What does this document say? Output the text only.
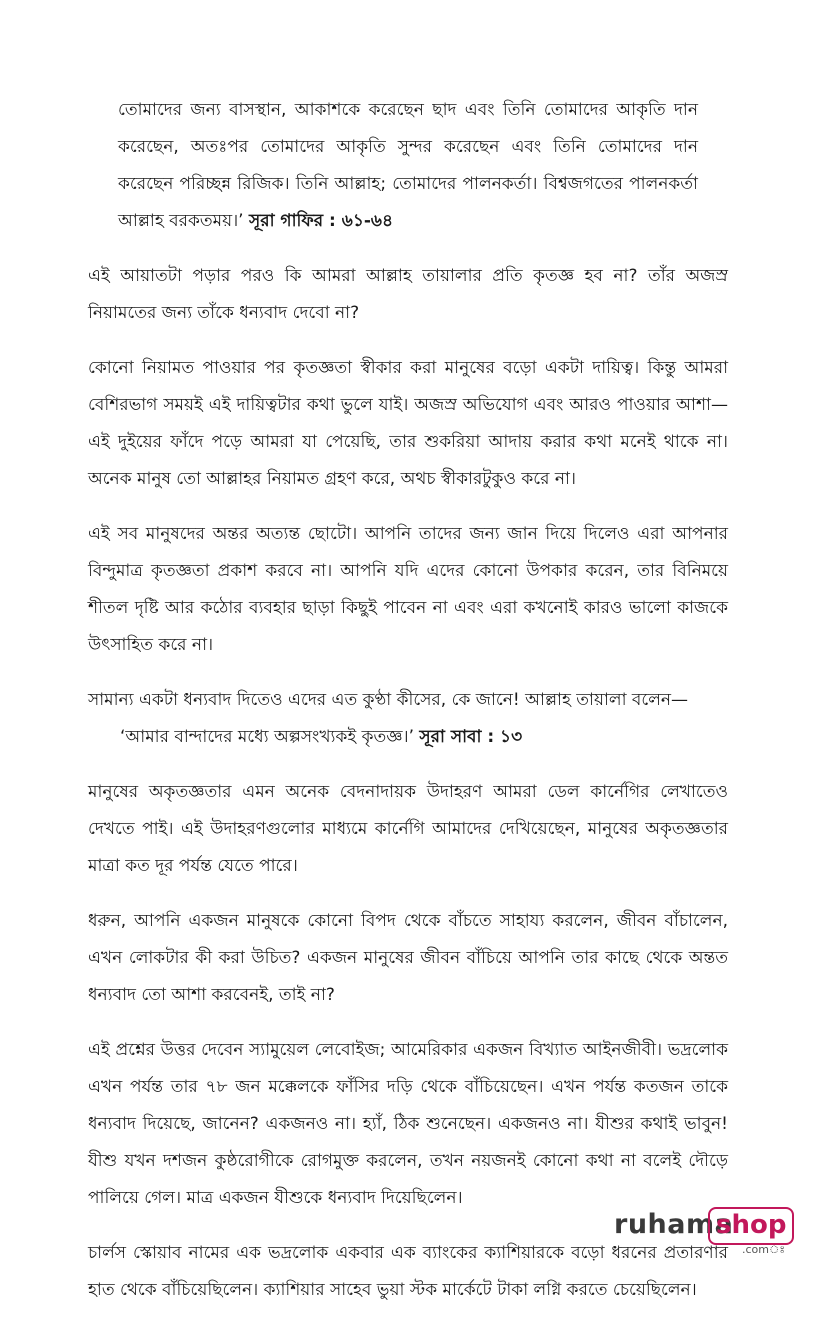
তোমাদের জন্য বাসস্থান, আকাশকে করেছেন ছাদ এবং তিনি তোমাদের আকৃতি দান করেছেন, অতঃপর তোমাদের আকৃতি সুন্দর করেছেন এবং তিনি তোমাদের দান করেছেন পরিচ্ছন্ন রিজিক। তিনি আল্লাহ; তোমাদের পালনকর্তা। বিশ্বজগতের পালনকর্তা আল্লাহ বরকতময়।’ সূরা গাফির : ৬১-৬৪

এই আয়াতটা পড়ার পরও কি আমরা আল্লাহ তায়ালার প্রতি কৃতজ্ঞ হব না? তাঁর অজস্র নিয়ামতের জন্য তাঁকে ধন্যবাদ দেবো না?

কোনো নিয়ামত পাওয়ার পর কৃতজ্ঞতা স্বীকার করা মানুষের বড়ো একটা দায়িত্ব। কিন্তু আমরা বেশিরভাগ সময়ই এই দায়িত্বটার কথা ভুলে যাই। অজস্র অভিযোগ এবং আরও পাওয়ার আশা—এই দুইয়ের ফাঁদে পড়ে আমরা যা পেয়েছি, তার শুকরিয়া আদায় করার কথা মনেই থাকে না। অনেক মানুষ তো আল্লাহর নিয়ামত গ্রহণ করে, অথচ স্বীকারটুকুও করে না।

এই সব মানুষদের অন্তর অত্যন্ত ছোটো। আপনি তাদের জন্য জান দিয়ে দিলেও এরা আপনার বিন্দুমাত্র কৃতজ্ঞতা প্রকাশ করবে না। আপনি যদি এদের কোনো উপকার করেন, তার বিনিময়ে শীতল দৃষ্টি আর কঠোর ব্যবহার ছাড়া কিছুই পাবেন না এবং এরা কখনোই কারও ভালো কাজকে উৎসাহিত করে না।

সামান্য একটা ধন্যবাদ দিতেও এদের এত কুণ্ঠা কীসের, কে জানে! আল্লাহ তায়ালা বলেন—

‘আমার বান্দাদের মধ্যে অল্পসংখ্যকই কৃতজ্ঞ।’ সূরা সাবা : ১৩

মানুষের অকৃতজ্ঞতার এমন অনেক বেদনাদায়ক উদাহরণ আমরা ডেল কার্নেগির লেখাতেও দেখতে পাই। এই উদাহরণগুলোর মাধ্যমে কার্নেগি আমাদের দেখিয়েছেন, মানুষের অকৃতজ্ঞতার মাত্রা কত দূর পর্যন্ত যেতে পারে।

ধরুন, আপনি একজন মানুষকে কোনো বিপদ থেকে বাঁচতে সাহায্য করলেন, জীবন বাঁচালেন, এখন লোকটার কী করা উচিত? একজন মানুষের জীবন বাঁচিয়ে আপনি তার কাছে থেকে অন্তত ধন্যবাদ তো আশা করবেনই, তাই না?

এই প্রশ্নের উত্তর দেবেন স্যামুয়েল লেবোইজ; আমেরিকার একজন বিখ্যাত আইনজীবী। ভদ্রলোক এখন পর্যন্ত তার ৭৮ জন মক্কেলকে ফাঁসির দড়ি থেকে বাঁচিয়েছেন। এখন পর্যন্ত কতজন তাকে ধন্যবাদ দিয়েছে, জানেন? একজনও না। হ্যাঁ, ঠিক শুনেছেন। একজনও না। যীশুর কথাই ভাবুন! যীশু যখন দশজন কুষ্ঠরোগীকে রোগমুক্ত করলেন, তখন নয়জনই কোনো কথা না বলেই দৌড়ে পালিয়ে গেল। মাত্র একজন যীশুকে ধন্যবাদ দিয়েছিলেন।

চার্লস স্কোয়াব নামের এক ভদ্রলোক একবার এক ব্যাংকের ক্যাশিয়ারকে বড়ো ধরনের প্রতারণার হাত থেকে বাঁচিয়েছিলেন। ক্যাশিয়ার সাহেব ভুয়া স্টক মার্কেটে টাকা লগ্নি করতে চেয়েছিলেন।

ruhama
shop
.comঃ
